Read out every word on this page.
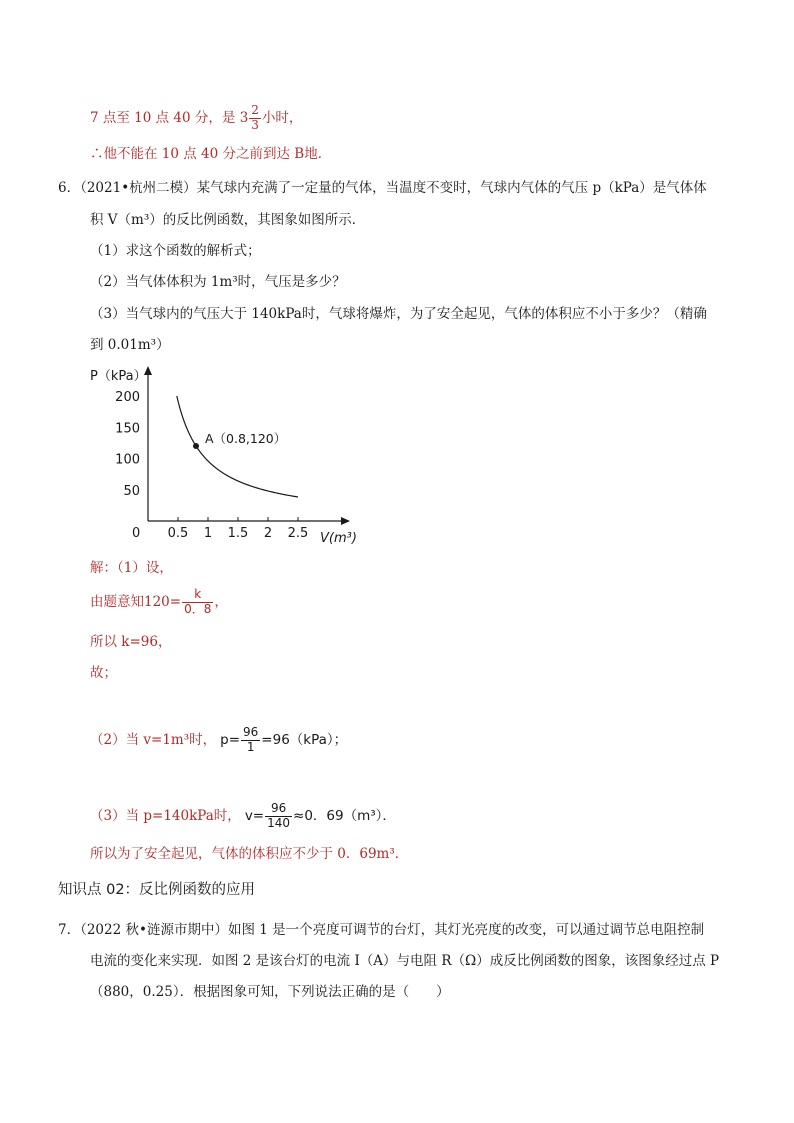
7 点至 10 点 40 分，是 $3 \frac{2}{3}$ 小时，
∴他不能在 10 点 40 分之前到达 B地．
6．（2021•杭州二模）某气球内充满了一定量的气体，当温度不变时，气球内气体的气压 p（kPa）是气体体
积 V（m³）的反比例函数，其图象如图所示．
（1）求这个函数的解析式；
（2）当气体体积为 1m³时，气压是多少？
（3）当气球内的气压大于 140kPa时，气球将爆炸，为了安全起见，气体的体积应不小于多少？（精确
到 0.01m³）
P（kPa）
V(m³)
0
50
100
150
200
0.5 1 1.5 2 2.5
A（0.8,120）
解：（1）设，
由题意知$120= \frac{k}{0.8}$ ，
所以 k=96，
故；
（2）当 v=1m³时， $p= \frac{96}{1} =96(kPa)$；
（3）当 p=140kPa时， $v= \frac{96}{140} \approx 0$．69（m³）．
所以为了安全起见，气体的体积应不少于 0．69m³．
知识点 02：反比例函数的应用
7．（2022 秋•涟源市期中）如图 1 是一个亮度可调节的台灯，其灯光亮度的改变，可以通过调节总电阻控制
电流的变化来实现．如图 2 是该台灯的电流 I（A）与电阻 R（Ω）成反比例函数的图象，该图象经过点 P
（880，0.25）．根据图象可知，下列说法正确的是（　　）
